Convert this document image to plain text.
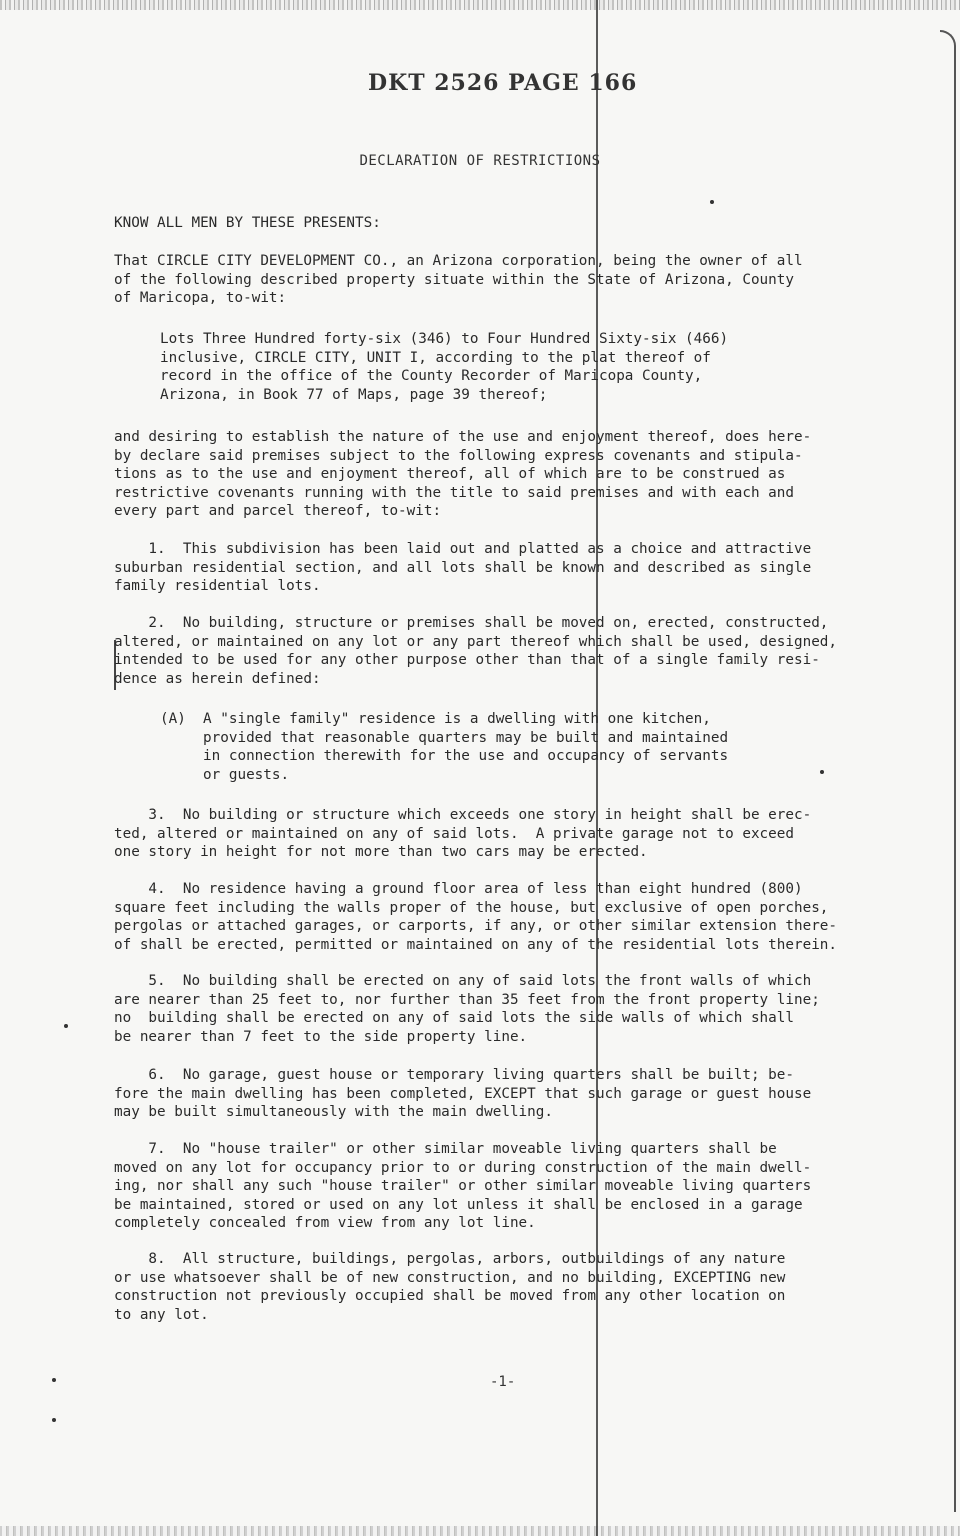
DKT 2526 PAGE 166
DECLARATION OF RESTRICTIONS
KNOW ALL MEN BY THESE PRESENTS:
That CIRCLE CITY DEVELOPMENT CO., an Arizona corporation, being the owner of all
of the following described property situate within the State of Arizona, County
of Maricopa, to-wit:
Lots Three Hundred forty-six (346) to Four Hundred Sixty-six (466)
inclusive, CIRCLE CITY, UNIT I, according to the plat thereof of
record in the office of the County Recorder of Maricopa County,
Arizona, in Book 77 of Maps, page 39 thereof;
and desiring to establish the nature of the use and enjoyment thereof, does here-
by declare said premises subject to the following express covenants and stipula-
tions as to the use and enjoyment thereof, all of which are to be construed as
restrictive covenants running with the title to said premises and with each and
every part and parcel thereof, to-wit:
1.  This subdivision has been laid out and platted as a choice and attractive
suburban residential section, and all lots shall be known and described as single
family residential lots.
2.  No building, structure or premises shall be moved on, erected, constructed,
altered, or maintained on any lot or any part thereof which shall be used, designed,
intended to be used for any other purpose other than that of a single family resi-
dence as herein defined:
(A)  A "single family" residence is a dwelling with one kitchen,
provided that reasonable quarters may be built and maintained
in connection therewith for the use and occupancy of servants
or guests.
3.  No building or structure which exceeds one story in height shall be erec-
ted, altered or maintained on any of said lots.  A private garage not to exceed
one story in height for not more than two cars may be erected.
4.  No residence having a ground floor area of less than eight hundred (800)
square feet including the walls proper of the house, but exclusive of open porches,
pergolas or attached garages, or carports, if any, or other similar extension there-
of shall be erected, permitted or maintained on any of the residential lots therein.
5.  No building shall be erected on any of said lots the front walls of which
are nearer than 25 feet to, nor further than 35 feet from the front property line;
no  building shall be erected on any of said lots the side walls of which shall
be nearer than 7 feet to the side property line.
6.  No garage, guest house or temporary living quarters shall be built; be-
fore the main dwelling has been completed, EXCEPT that such garage or guest house
may be built simultaneously with the main dwelling.
7.  No "house trailer" or other similar moveable living quarters shall be
moved on any lot for occupancy prior to or during construction of the main dwell-
ing, nor shall any such "house trailer" or other similar moveable living quarters
be maintained, stored or used on any lot unless it shall be enclosed in a garage
completely concealed from view from any lot line.
8.  All structure, buildings, pergolas, arbors, outbuildings of any nature
or use whatsoever shall be of new construction, and no building, EXCEPTING new
construction not previously occupied shall be moved from any other location on
to any lot.
-1-
